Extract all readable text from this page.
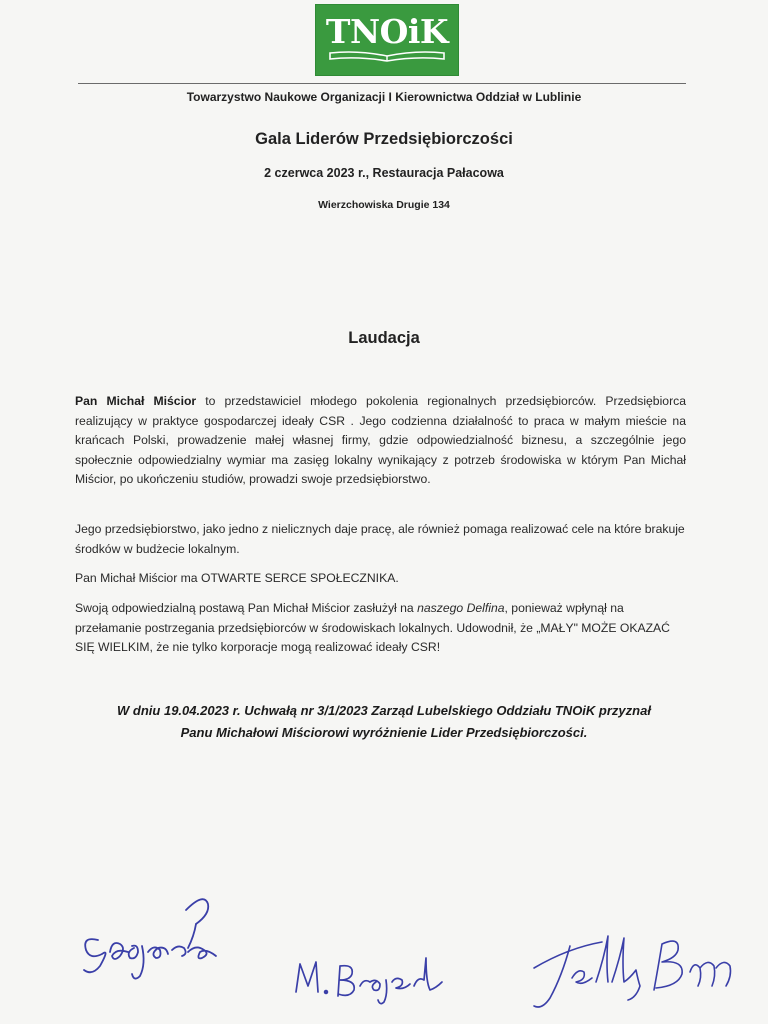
TNOiK
Towarzystwo Naukowe Organizacji I Kierownictwa Oddział w Lublinie
Gala Liderów Przedsiębiorczości
2 czerwca 2023 r., Restauracja Pałacowa
Wierzchowiska Drugie 134
Laudacja

Pan Michał Miścior to przedstawiciel młodego pokolenia regionalnych przedsiębiorców. Przedsiębiorca realizujący w praktyce gospodarczej ideały CSR . Jego codzienna działalność to praca w małym mieście na krańcach Polski, prowadzenie małej własnej firmy, gdzie odpowiedzialność biznesu, a szczególnie jego społecznie odpowiedzialny wymiar ma zasięg lokalny wynikający z potrzeb środowiska w którym Pan Michał Miścior, po ukończeniu studiów, prowadzi swoje przedsiębiorstwo.

Jego przedsiębiorstwo, jako jedno z nielicznych daje pracę, ale również pomaga realizować cele na które brakuje środków w budżecie lokalnym.

Pan Michał Miścior ma OTWARTE SERCE SPOŁECZNIKA.

Swoją odpowiedzialną postawą Pan Michał Miścior zasłużył na naszego Delfina, ponieważ wpłynął na przełamanie postrzegania przedsiębiorców w środowiskach lokalnych. Udowodnił, że „MAŁY" MOŻE OKAZAĆ SIĘ WIELKIM, że nie tylko korporacje mogą realizować ideały CSR!

W dniu 19.04.2023 r. Uchwałą nr 3/1/2023 Zarząd Lubelskiego Oddziału TNOiK przyznał
Panu Michałowi Miściorowi wyróżnienie Lider Przedsiębiorczości.
